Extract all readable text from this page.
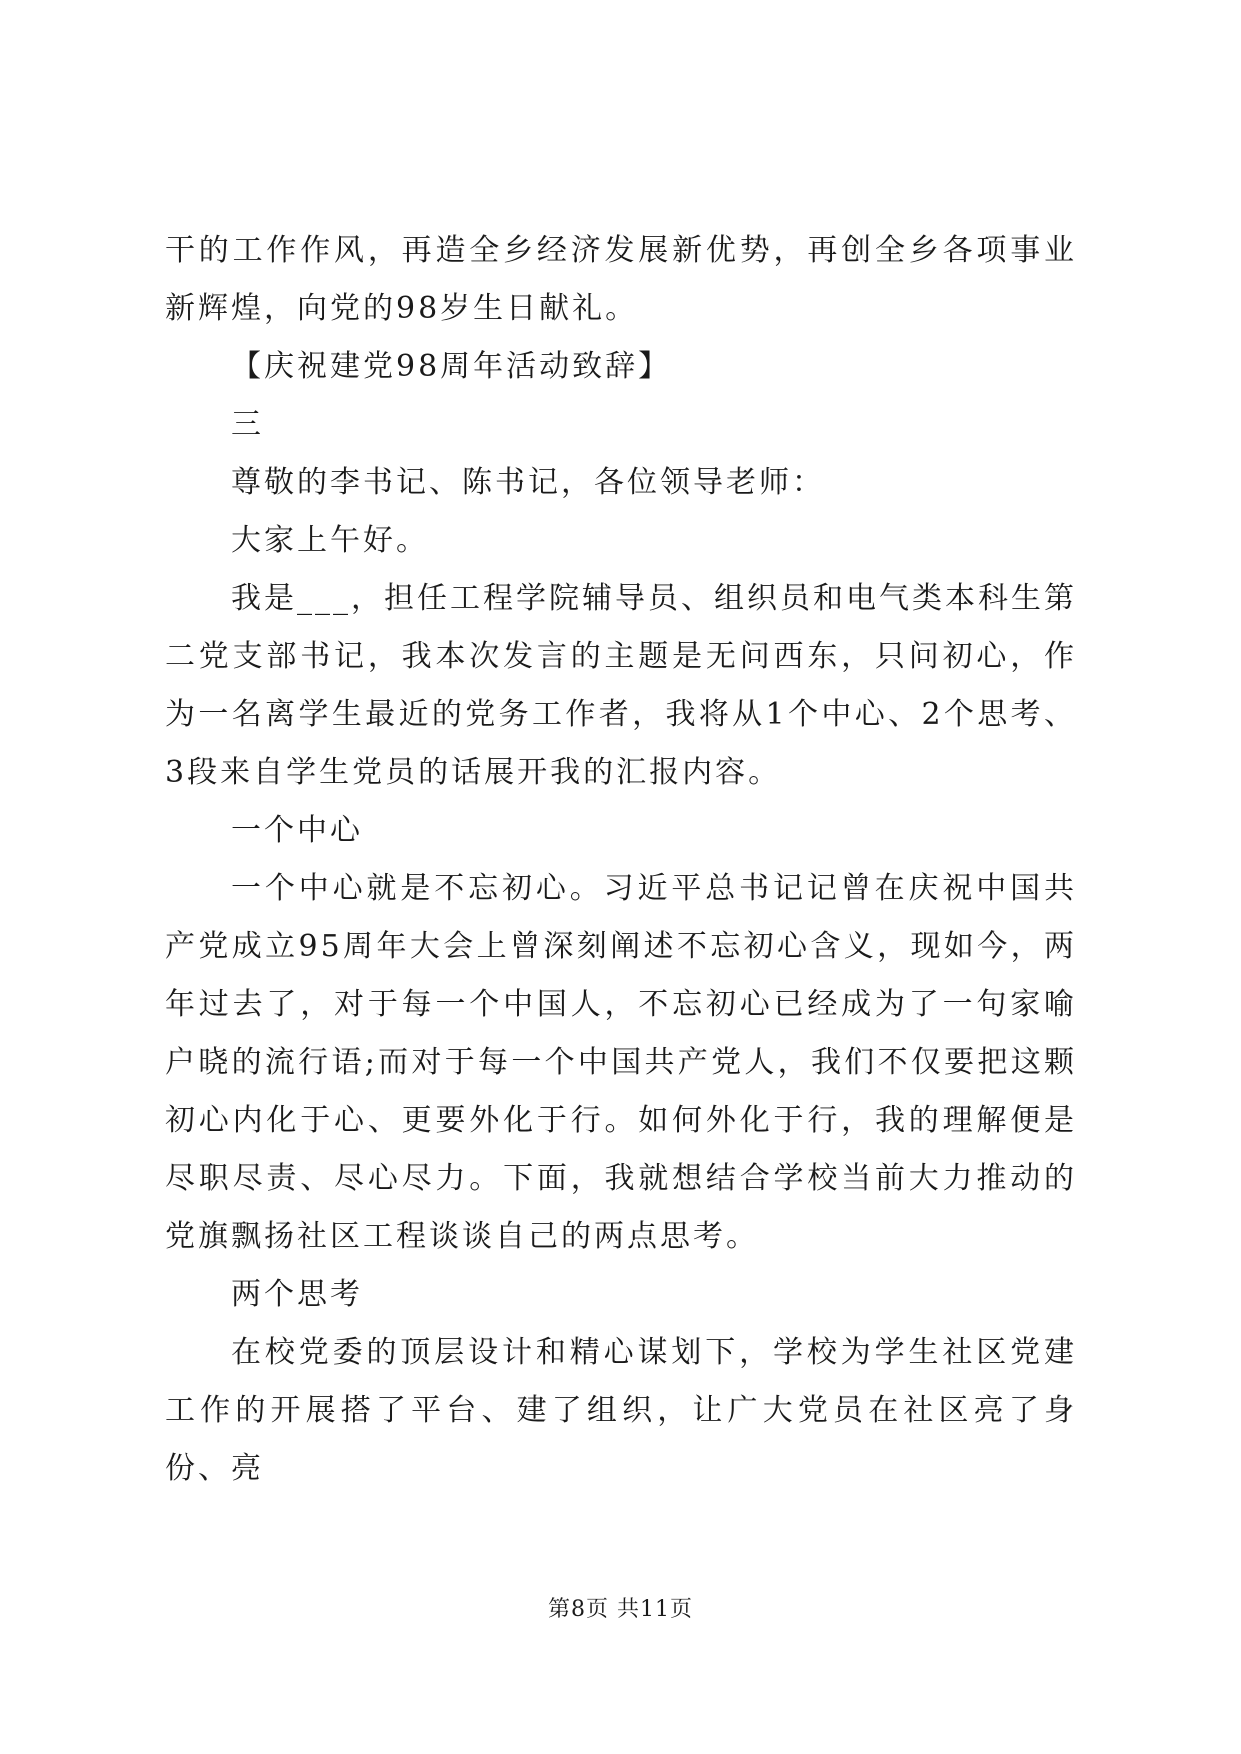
干的工作作风，再造全乡经济发展新优势，再创全乡各项事业新辉煌，向党的98岁生日献礼。

【庆祝建党98周年活动致辞】

三

尊敬的李书记、陈书记，各位领导老师：

大家上午好。

我是___，担任工程学院辅导员、组织员和电气类本科生第二党支部书记，我本次发言的主题是无问西东，只问初心，作为一名离学生最近的党务工作者，我将从1个中心、2个思考、3段来自学生党员的话展开我的汇报内容。

一个中心

一个中心就是不忘初心。习近平总书记记曾在庆祝中国共产党成立95周年大会上曾深刻阐述不忘初心含义，现如今，两年过去了，对于每一个中国人，不忘初心已经成为了一句家喻户晓的流行语;而对于每一个中国共产党人，我们不仅要把这颗初心内化于心、更要外化于行。如何外化于行，我的理解便是尽职尽责、尽心尽力。下面，我就想结合学校当前大力推动的党旗飘扬社区工程谈谈自己的两点思考。

两个思考

在校党委的顶层设计和精心谋划下，学校为学生社区党建工作的开展搭了平台、建了组织，让广大党员在社区亮了身份、亮

第8页 共11页
